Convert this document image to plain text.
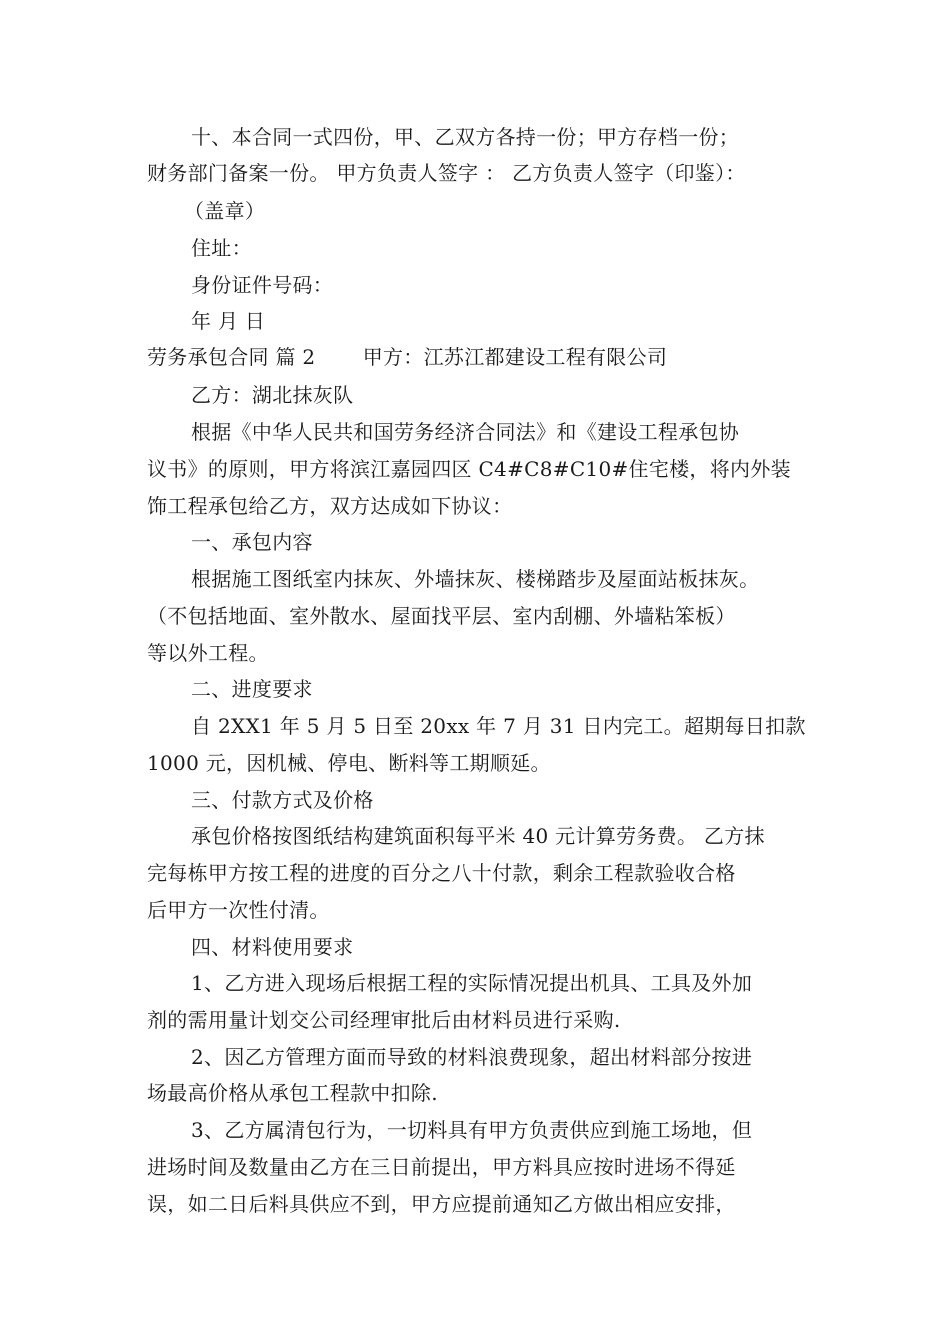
十、本合同一式四份，甲、乙双方各持一份；甲方存档一份；
财务部门备案一份。 甲方负责人签字 ： 乙方负责人签字（印鉴）：
（盖章）
住址：
身份证件号码：
年 月 日
劳务承包合同 篇 2　　 甲方：江苏江都建设工程有限公司
乙方：湖北抹灰队
根据《中华人民共和国劳务经济合同法》和《建设工程承包协
议书》的原则，甲方将滨江嘉园四区 C4#C8#C10#住宅楼，将内外装
饰工程承包给乙方，双方达成如下协议：
一、承包内容
根据施工图纸室内抹灰、外墙抹灰、楼梯踏步及屋面站板抹灰。
（不包括地面、室外散水、屋面找平层、室内刮棚、外墙粘笨板）
等以外工程。
二、进度要求
自 2XX1 年 5 月 5 日至 20xx 年 7 月 31 日内完工。超期每日扣款
1000 元，因机械、停电、断料等工期顺延。
三、付款方式及价格
承包价格按图纸结构建筑面积每平米 40 元计算劳务费。 乙方抹
完每栋甲方按工程的进度的百分之八十付款，剩余工程款验收合格
后甲方一次性付清。
四、材料使用要求
1、乙方进入现场后根据工程的实际情况提出机具、工具及外加
剂的需用量计划交公司经理审批后由材料员进行采购.
2、因乙方管理方面而导致的材料浪费现象，超出材料部分按进
场最高价格从承包工程款中扣除.
3、乙方属清包行为，一切料具有甲方负责供应到施工场地，但
进场时间及数量由乙方在三日前提出，甲方料具应按时进场不得延
误，如二日后料具供应不到，甲方应提前通知乙方做出相应安排，
